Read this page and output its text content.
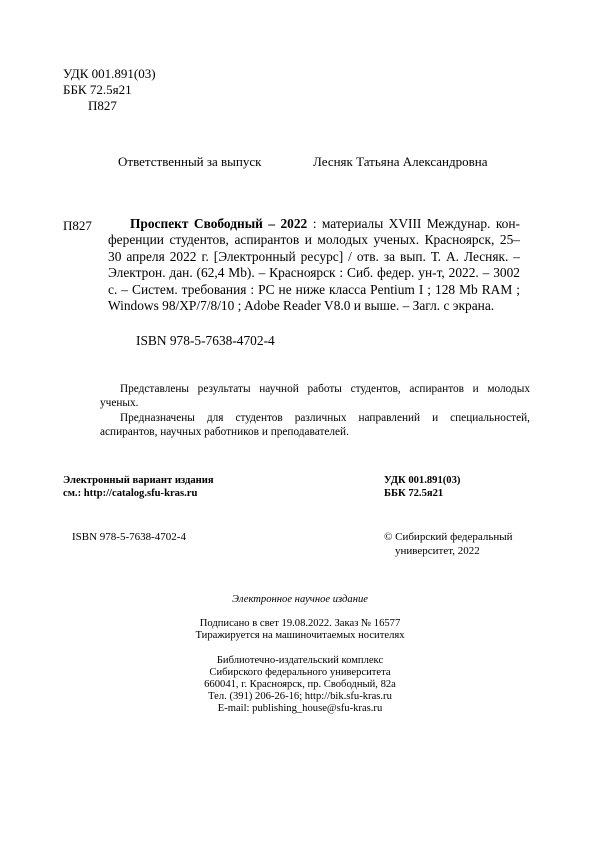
УДК 001.891(03)
ББК 72.5я21
П827
Ответственный за выпуск	Лесняк Татьяна Александровна
П827	Проспект Свободный – 2022 : материалы XVIII Междунар. кон- ференции студентов, аспирантов и молодых ученых. Красноярск, 25– 30 апреля 2022 г. [Электронный ресурс] / отв. за вып. Т. А. Лесняк. – Электрон. дан. (62,4 Mb). – Красноярск : Сиб. федер. ун-т, 2022. – 3002 с. – Систем. требования : PC не ниже класса Pentium I ; 128 Mb RAM ; Windows 98/XP/7/8/10 ; Adobe Reader V8.0 и выше. – Загл. с экрана.
ISBN 978-5-7638-4702-4
Представлены результаты научной работы студентов, аспирантов и молодых ученых.
Предназначены для студентов различных направлений и специальностей, аспирантов, научных работников и преподавателей.
Электронный вариант издания
см.: http://catalog.sfu-kras.ru
УДК 001.891(03)
ББК 72.5я21
ISBN 978-5-7638-4702-4	© Сибирский федеральный
университет, 2022
Электронное научное издание
Подписано в свет 19.08.2022. Заказ № 16577
Тиражируется на машиночитаемых носителях
Библиотечно-издательский комплекс
Сибирского федерального университета
660041, г. Красноярск, пр. Свободный, 82а
Тел. (391) 206-26-16; http://bik.sfu-kras.ru
E-mail: publishing_house@sfu-kras.ru
